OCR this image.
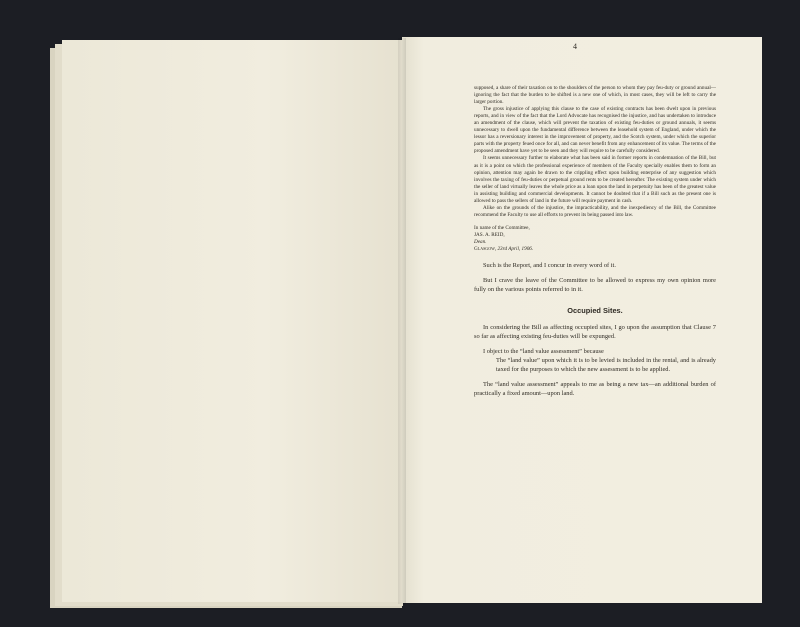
4

supposed, a share of their taxation on to the shoulders of the person to whom they pay feu-duty or ground annual—ignoring the fact that the burden to be shifted is a new one of which, in most cases, they will be left to carry the larger portion.

The gross injustice of applying this clause to the case of existing contracts has been dwelt upon in previous reports, and in view of the fact that the Lord Advocate has recognised the injustice, and has undertaken to introduce an amendment of the clause, which will prevent the taxation of existing feu-duties or ground annuals, it seems unnecessary to dwell upon the fundamental difference between the leasehold system of England, under which the lessor has a reversionary interest in the improvement of property, and the Scotch system, under which the superior parts with the property feued once for all, and can never benefit from any enhancement of its value. The terms of the proposed amendment have yet to be seen and they will require to be carefully considered.

It seems unnecessary further to elaborate what has been said in former reports in condemnation of the Bill, but as it is a point on which the professional experience of members of the Faculty specially enables them to form an opinion, attention may again be drawn to the crippling effect upon building enterprise of any suggestion which involves the taxing of feu-duties or perpetual ground rents to be created hereafter. The existing system under which the seller of land virtually leaves the whole price as a loan upon the land in perpetuity has been of the greatest value in assisting building and commercial developments. It cannot be doubted that if a Bill such as the present one is allowed to pass the sellers of land in the future will require payment in cash.

Alike on the grounds of the injustice, the impracticability, and the inexpediency of the Bill, the Committee recommend the Faculty to use all efforts to prevent its being passed into law.

In name of the Committee,

JAS. A. REID,

Dean.

Glasgow, 23rd April, 1906.

Such is the Report, and I concur in every word of it.

But I crave the leave of the Committee to be allowed to express my own opinion more fully on the various points referred to in it.

Occupied Sites.

In considering the Bill as affecting occupied sites, I go upon the assumption that Clause 7 so far as affecting existing feu-duties will be expunged.

I object to the “land value assessment” because

The “land value” upon which it is to be levied is included in the rental, and is already taxed for the purposes to which the new assessment is to be applied.

The “land value assessment” appeals to me as being a new tax—an additional burden of practically a fixed amount—upon land.
